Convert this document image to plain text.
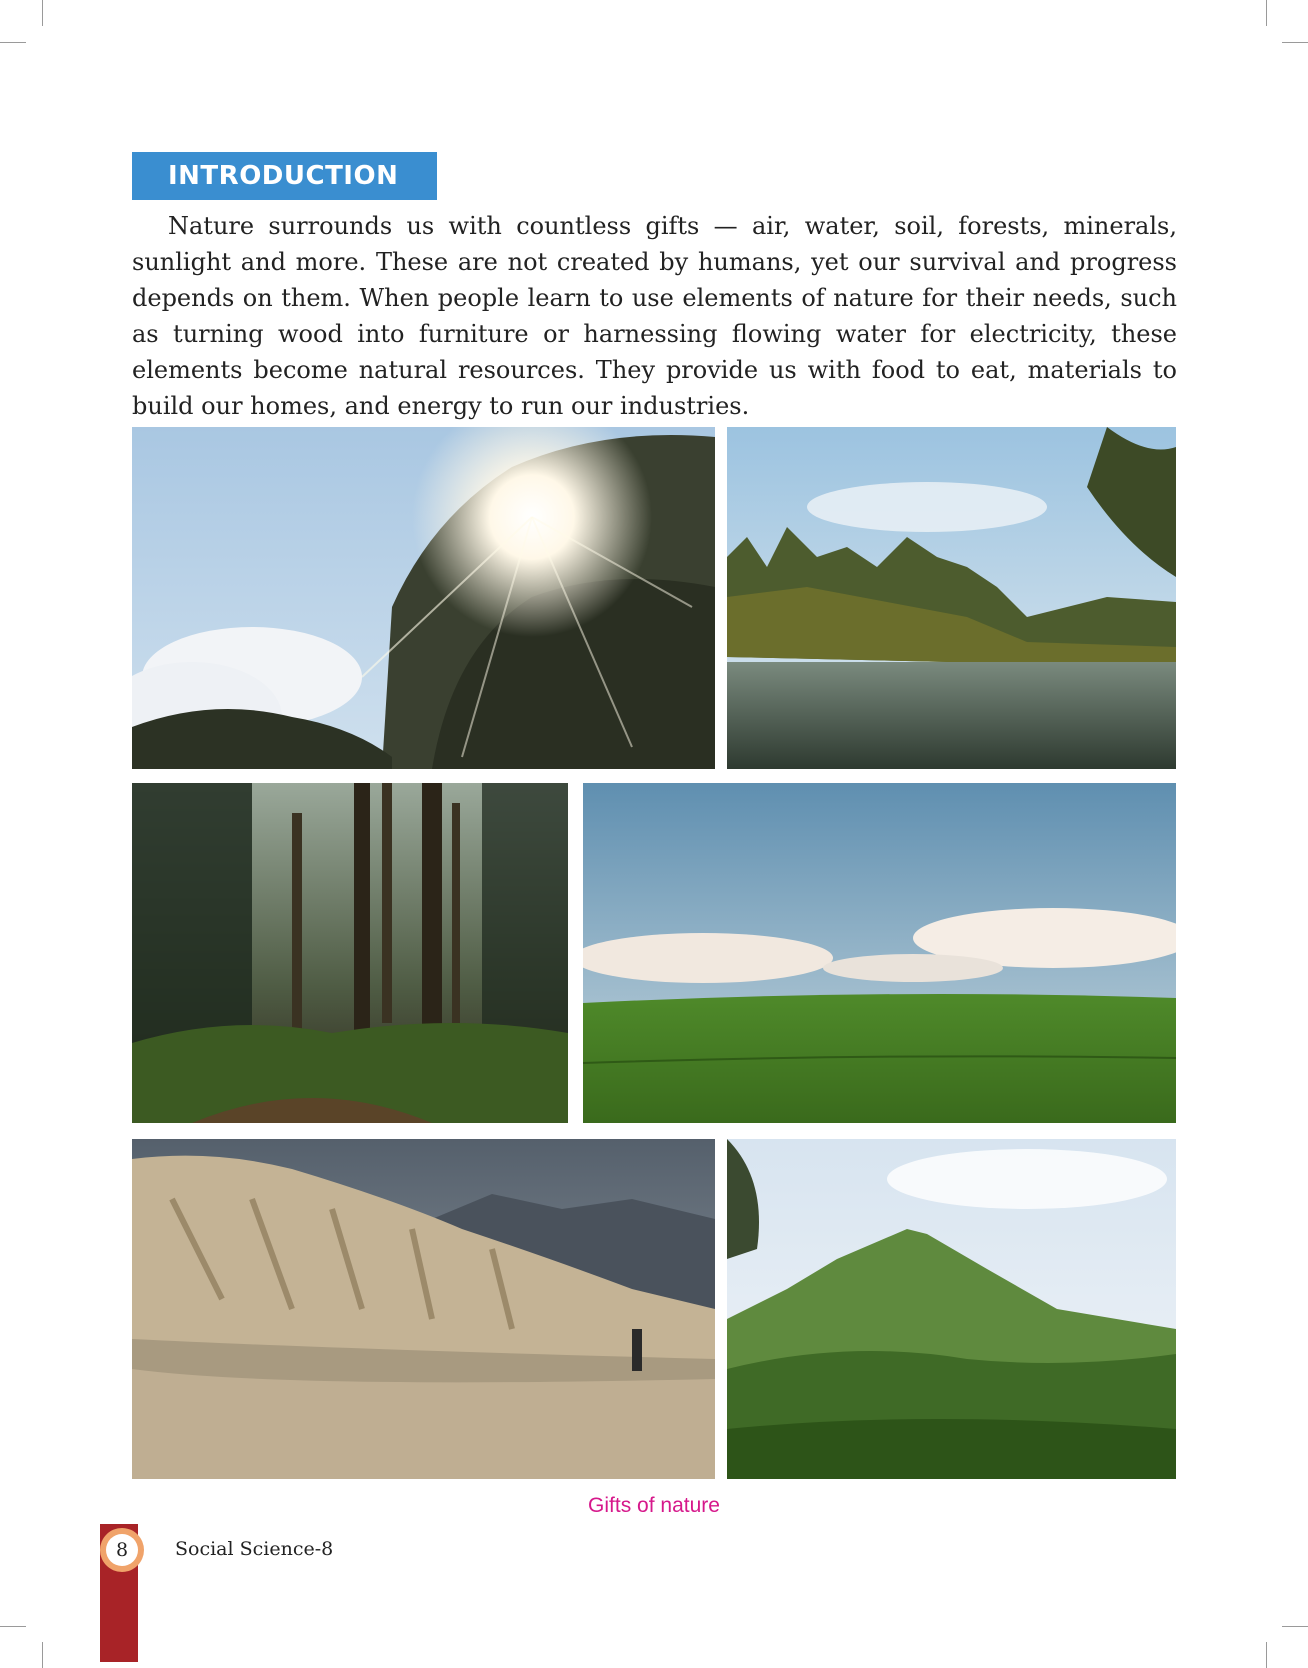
INTRODUCTION

Nature surrounds us with countless gifts — air, water, soil, forests, minerals, sunlight and more. These are not created by humans, yet our survival and progress depends on them. When people learn to use elements of nature for their needs, such as turning wood into furniture or harnessing flowing water for electricity, these elements become natural resources. They provide us with food to eat, materials to build our homes, and energy to run our industries.

Gifts of nature
8	Social Science-8
